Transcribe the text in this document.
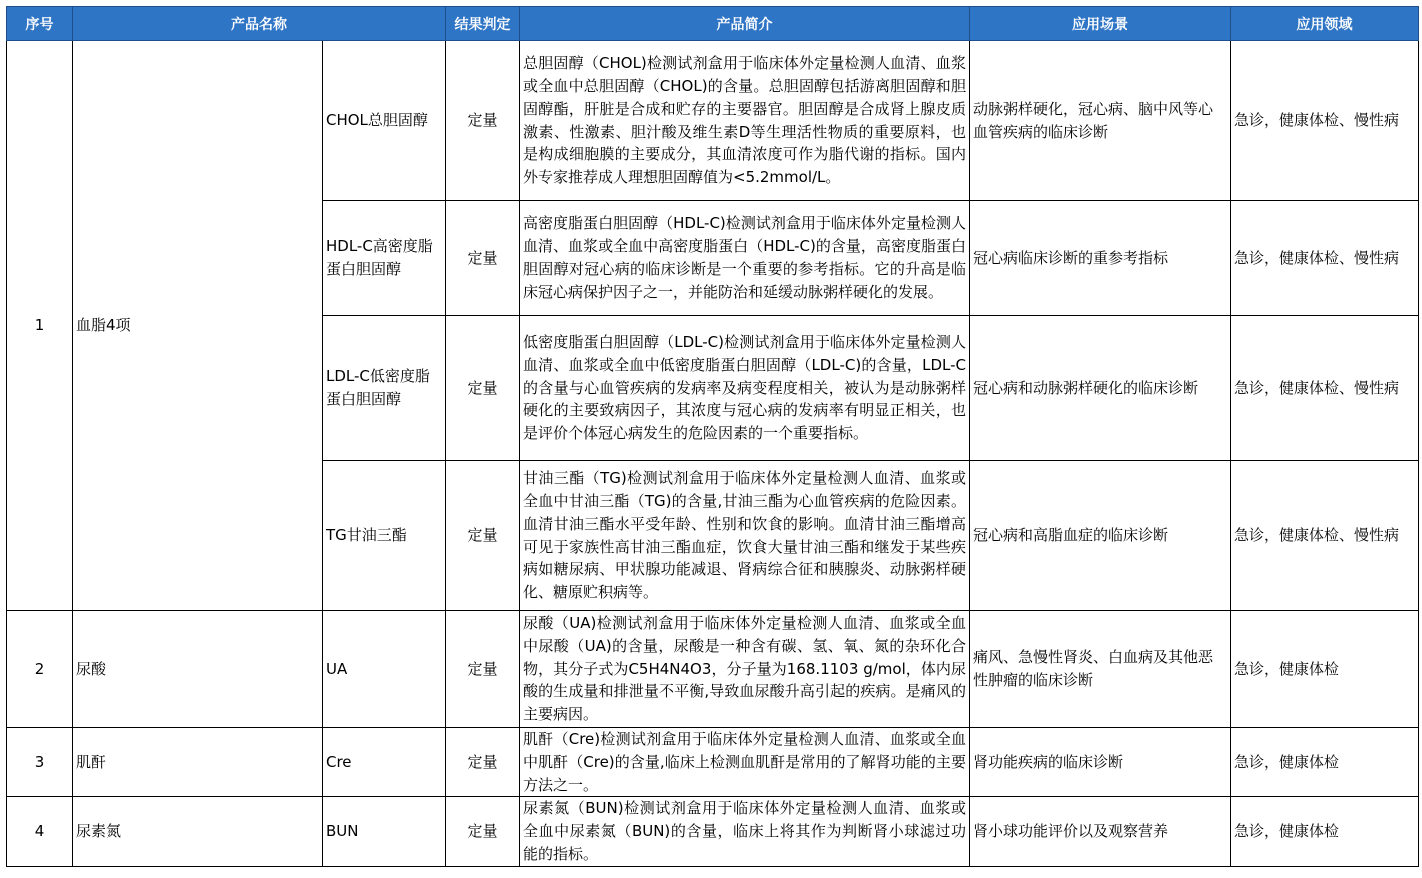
序号	产品名称		结果判定	产品简介	应用场景	应用领域
1	血脂4项	CHOL总胆固醇	定量	总胆固醇（CHOL)检测试剂盒用于临床体外定量检测人血清、血浆或全血中总胆固醇（CHOL)的含量。总胆固醇包括游离胆固醇和胆固醇酯，肝脏是合成和贮存的主要器官。胆固醇是合成肾上腺皮质激素、性激素、胆汁酸及维生素D等生理活性物质的重要原料，也是构成细胞膜的主要成分，其血清浓度可作为脂代谢的指标。国内外专家推荐成人理想胆固醇值为<5.2mmol/L。	动脉粥样硬化，冠心病、脑中风等心血管疾病的临床诊断	急诊，健康体检、慢性病
		HDL-C高密度脂蛋白胆固醇	定量	高密度脂蛋白胆固醇（HDL-C)检测试剂盒用于临床体外定量检测人血清、血浆或全血中高密度脂蛋白（HDL-C)的含量，高密度脂蛋白胆固醇对冠心病的临床诊断是一个重要的参考指标。它的升高是临床冠心病保护因子之一，并能防治和延缓动脉粥样硬化的发展。	冠心病临床诊断的重参考指标	急诊，健康体检、慢性病
		LDL-C低密度脂蛋白胆固醇	定量	低密度脂蛋白胆固醇（LDL-C)检测试剂盒用于临床体外定量检测人血清、血浆或全血中低密度脂蛋白胆固醇（LDL-C)的含量，LDL-C的含量与心血管疾病的发病率及病变程度相关，被认为是动脉粥样硬化的主要致病因子，其浓度与冠心病的发病率有明显正相关，也是评价个体冠心病发生的危险因素的一个重要指标。	冠心病和动脉粥样硬化的临床诊断	急诊，健康体检、慢性病
		TG甘油三酯	定量	甘油三酯（TG)检测试剂盒用于临床体外定量检测人血清、血浆或全血中甘油三酯（TG)的含量,甘油三酯为心血管疾病的危险因素。血清甘油三酯水平受年龄、性别和饮食的影响。血清甘油三酯增高可见于家族性高甘油三酯血症，饮食大量甘油三酯和继发于某些疾病如糖尿病、甲状腺功能减退、肾病综合征和胰腺炎、动脉粥样硬化、糖原贮积病等。	冠心病和高脂血症的临床诊断	急诊，健康体检、慢性病
2	尿酸	UA	定量	尿酸（UA)检测试剂盒用于临床体外定量检测人血清、血浆或全血中尿酸（UA)的含量，尿酸是一种含有碳、氢、氧、氮的杂环化合物，其分子式为C5H4N4O3，分子量为168.1103 g/mol，体内尿酸的生成量和排泄量不平衡,导致血尿酸升高引起的疾病。是痛风的主要病因。	痛风、急慢性肾炎、白血病及其他恶性肿瘤的临床诊断	急诊，健康体检
3	肌酐	Cre	定量	肌酐（Cre)检测试剂盒用于临床体外定量检测人血清、血浆或全血中肌酐（Cre)的含量,临床上检测血肌酐是常用的了解肾功能的主要方法之一。	肾功能疾病的临床诊断	急诊，健康体检
4	尿素氮	BUN	定量	尿素氮（BUN)检测试剂盒用于临床体外定量检测人血清、血浆或全血中尿素氮（BUN)的含量，临床上将其作为判断肾小球滤过功能的指标。	肾小球功能评价以及观察营养	急诊，健康体检
